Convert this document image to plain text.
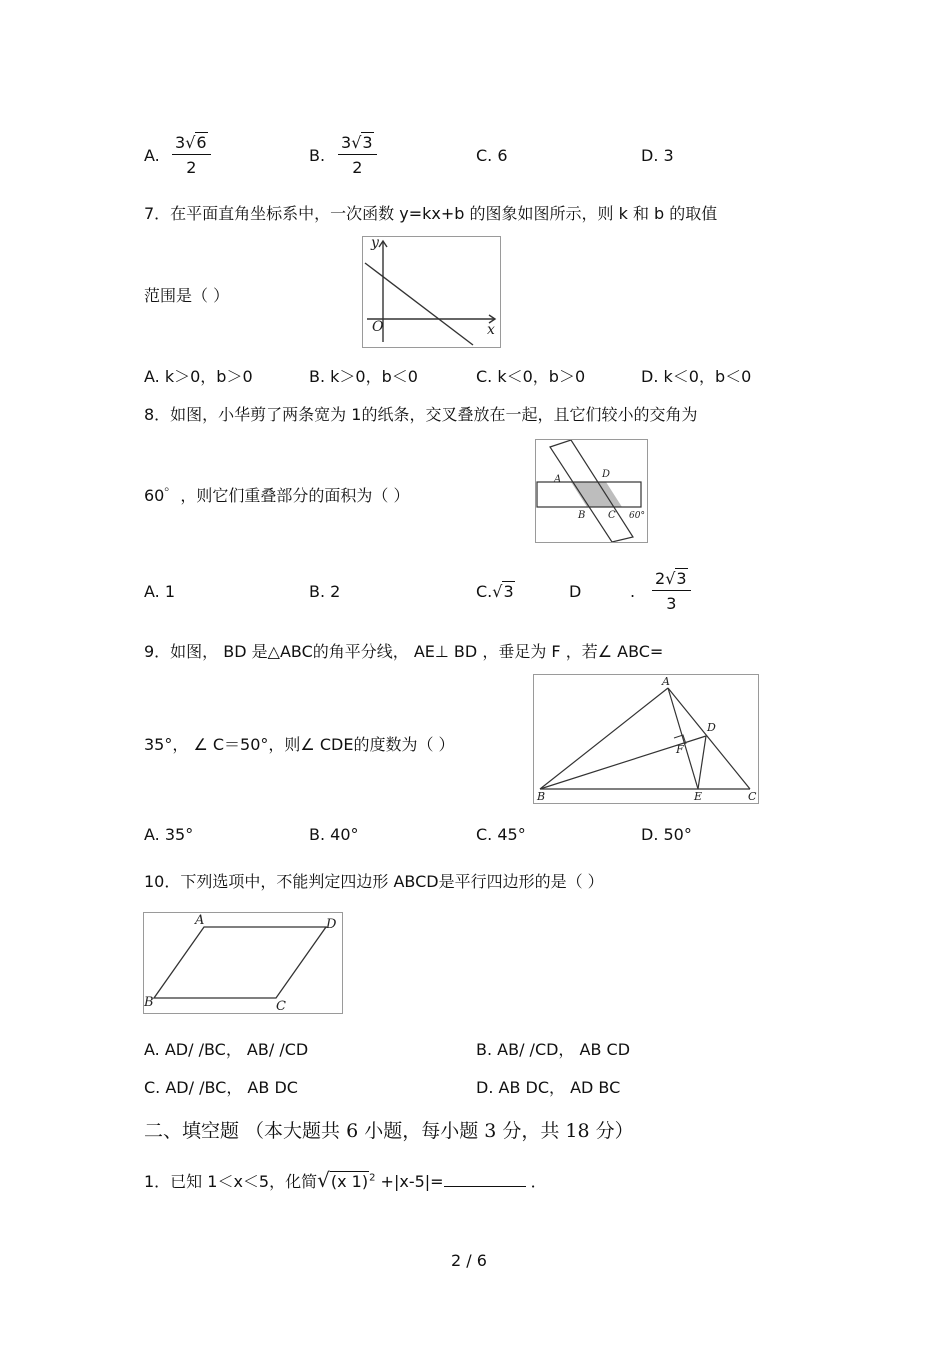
A. $\frac{3√6}{2}$	B. $\frac{3√3}{2}$	C. 6	D. 3
7．在平面直角坐标系中，一次函数 y=kx+b 的图象如图所示，则 k 和 b 的取值
范围是（ ）
y
x
O
A. k＞0，b＞0	B. k＞0，b＜0	C. k＜0，b＞0	D. k＜0，b＜0
8．如图，小华剪了两条宽为 1的纸条，交叉叠放在一起，且它们较小的交角为
60゜，则它们重叠部分的面积为（ ）
A	D
B C 60°
A. 1	B. 2	C.√3	D	. $\frac{2√3}{3}$
9．如图， BD 是△ABC的角平分线， AE⊥ BD ，垂足为 F ，若∠ ABC=
35°， ∠ C＝50°，则∠ CDE的度数为（ ）
A
B	C
D
E
F
A. 35°	B. 40°	C. 45°	D. 50°
10．下列选项中，不能判定四边形 ABCD是平行四边形的是（ ）
A	D
B	C
A. AD/ /BC， AB/ /CD	B. AB/ /CD， AB CD
C. AD/ /BC， AB DC	D. AB DC， AD BC
二、填空题 （本大题共 6 小题，每小题 3 分，共 18 分）
1．已知 1＜x＜5，化简√(x 1)$^2$ +|x-5|=	．
2 / 6
